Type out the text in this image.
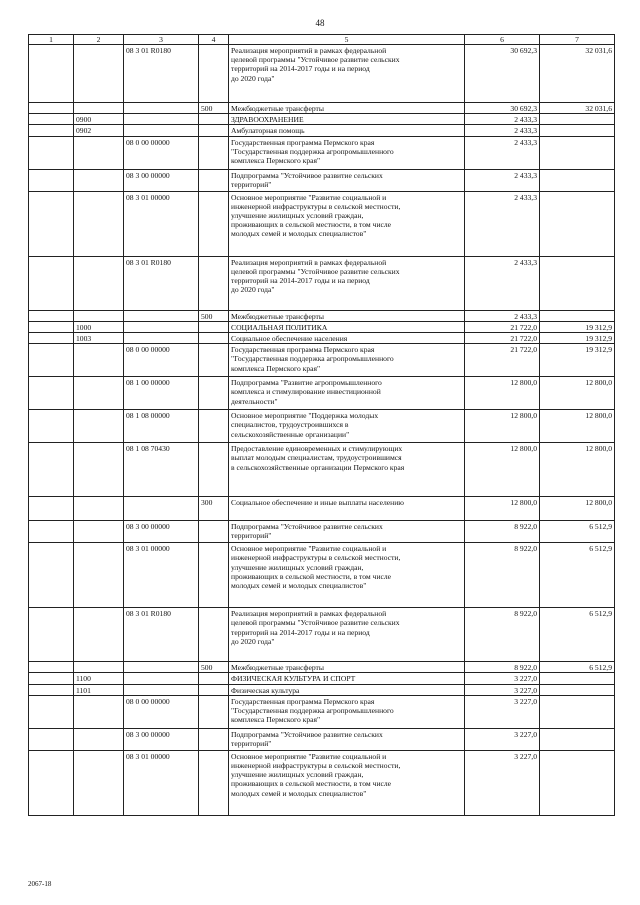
48
1	2	3	4	5	6	7
		08 3 01 R0180		Реализация мероприятий в рамках федеральной
целевой программы "Устойчивое развитие сельских
территорий на 2014-2017 годы и на период
до 2020 года"	30 692,3	32 031,6
			500	Межбюджетные трансферты	30 692,3	32 031,6
	0900			ЗДРАВООХРАНЕНИЕ	2 433,3	
	0902			Амбулаторная помощь	2 433,3	
		08 0 00 00000		Государственная программа Пермского края
"Государственная поддержка агропромышленного
комплекса Пермского края"	2 433,3	
		08 3 00 00000		Подпрограмма "Устойчивое развитие сельских
территорий"	2 433,3	
		08 3 01 00000		Основное мероприятие "Развитие социальной и
инженерной инфраструктуры в сельской местности,
улучшение жилищных условий граждан,
проживающих в сельской местности, в том числе
молодых семей и молодых специалистов"	2 433,3	
		08 3 01 R0180		Реализация мероприятий в рамках федеральной
целевой программы "Устойчивое развитие сельских
территорий на 2014-2017 годы и на период
до 2020 года"	2 433,3	
			500	Межбюджетные трансферты	2 433,3	
	1000			СОЦИАЛЬНАЯ ПОЛИТИКА	21 722,0	19 312,9
	1003			Социальное обеспечение населения	21 722,0	19 312,9
		08 0 00 00000		Государственная программа Пермского края
"Государственная поддержка агропромышленного
комплекса Пермского края"	21 722,0	19 312,9
		08 1 00 00000		Подпрограмма "Развитие агропромышленного
комплекса и стимулирование инвестиционной
деятельности"	12 800,0	12 800,0
		08 1 08 00000		Основное мероприятие "Поддержка молодых
специалистов, трудоустроившихся в
сельскохозяйственные организации"	12 800,0	12 800,0
		08 1 08 70430		Предоставление единовременных и стимулирующих
выплат молодым специалистам, трудоустроившимся
в сельскохозяйственные организации Пермского края	12 800,0	12 800,0
			300	Социальное обеспечение и иные выплаты населению	12 800,0	12 800,0
		08 3 00 00000		Подпрограмма "Устойчивое развитие сельских
территорий"	8 922,0	6 512,9
		08 3 01 00000		Основное мероприятие "Развитие социальной и
инженерной инфраструктуры в сельской местности,
улучшение жилищных условий граждан,
проживающих в сельской местности, в том числе
молодых семей и молодых специалистов"	8 922,0	6 512,9
		08 3 01 R0180		Реализация мероприятий в рамках федеральной
целевой программы "Устойчивое развитие сельских
территорий на 2014-2017 годы и на период
до 2020 года"	8 922,0	6 512,9
			500	Межбюджетные трансферты	8 922,0	6 512,9
	1100			ФИЗИЧЕСКАЯ КУЛЬТУРА И СПОРТ	3 227,0	
	1101			Физическая культура	3 227,0	
		08 0 00 00000		Государственная программа Пермского края
"Государственная поддержка агропромышленного
комплекса Пермского края"	3 227,0	
		08 3 00 00000		Подпрограмма "Устойчивое развитие сельских
территорий"	3 227,0	
		08 3 01 00000		Основное мероприятие "Развитие социальной и
инженерной инфраструктуры в сельской местности,
улучшение жилищных условий граждан,
проживающих в сельской местности, в том числе
молодых семей и молодых специалистов"	3 227,0	
2067-18
